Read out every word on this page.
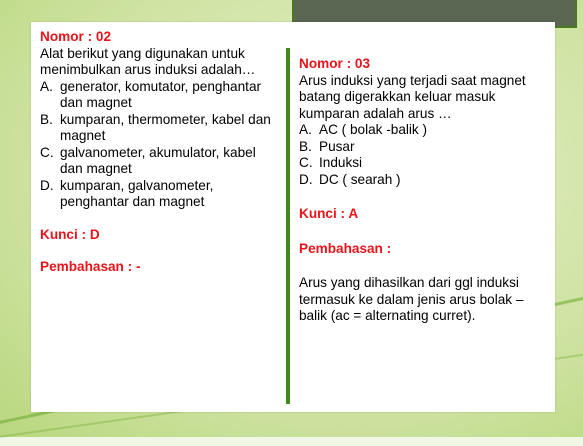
Nomor : 02
Alat berikut yang digunakan untuk menimbulkan arus induksi adalah…
A. generator, komutator, penghantar dan magnet
B. kumparan, thermometer, kabel dan magnet
C. galvanometer, akumulator, kabel dan magnet
D. kumparan, galvanometer, penghantar dan magnet
Kunci : D
Pembahasan : -
Nomor : 03
Arus induksi yang terjadi saat magnet batang digerakkan keluar masuk kumparan adalah arus …
A. AC ( bolak -balik )
B. Pusar
C. Induksi
D. DC ( searah )
Kunci : A
Pembahasan :
Arus yang dihasilkan dari ggl induksi termasuk ke dalam jenis arus bolak – balik (ac = alternating curret).
